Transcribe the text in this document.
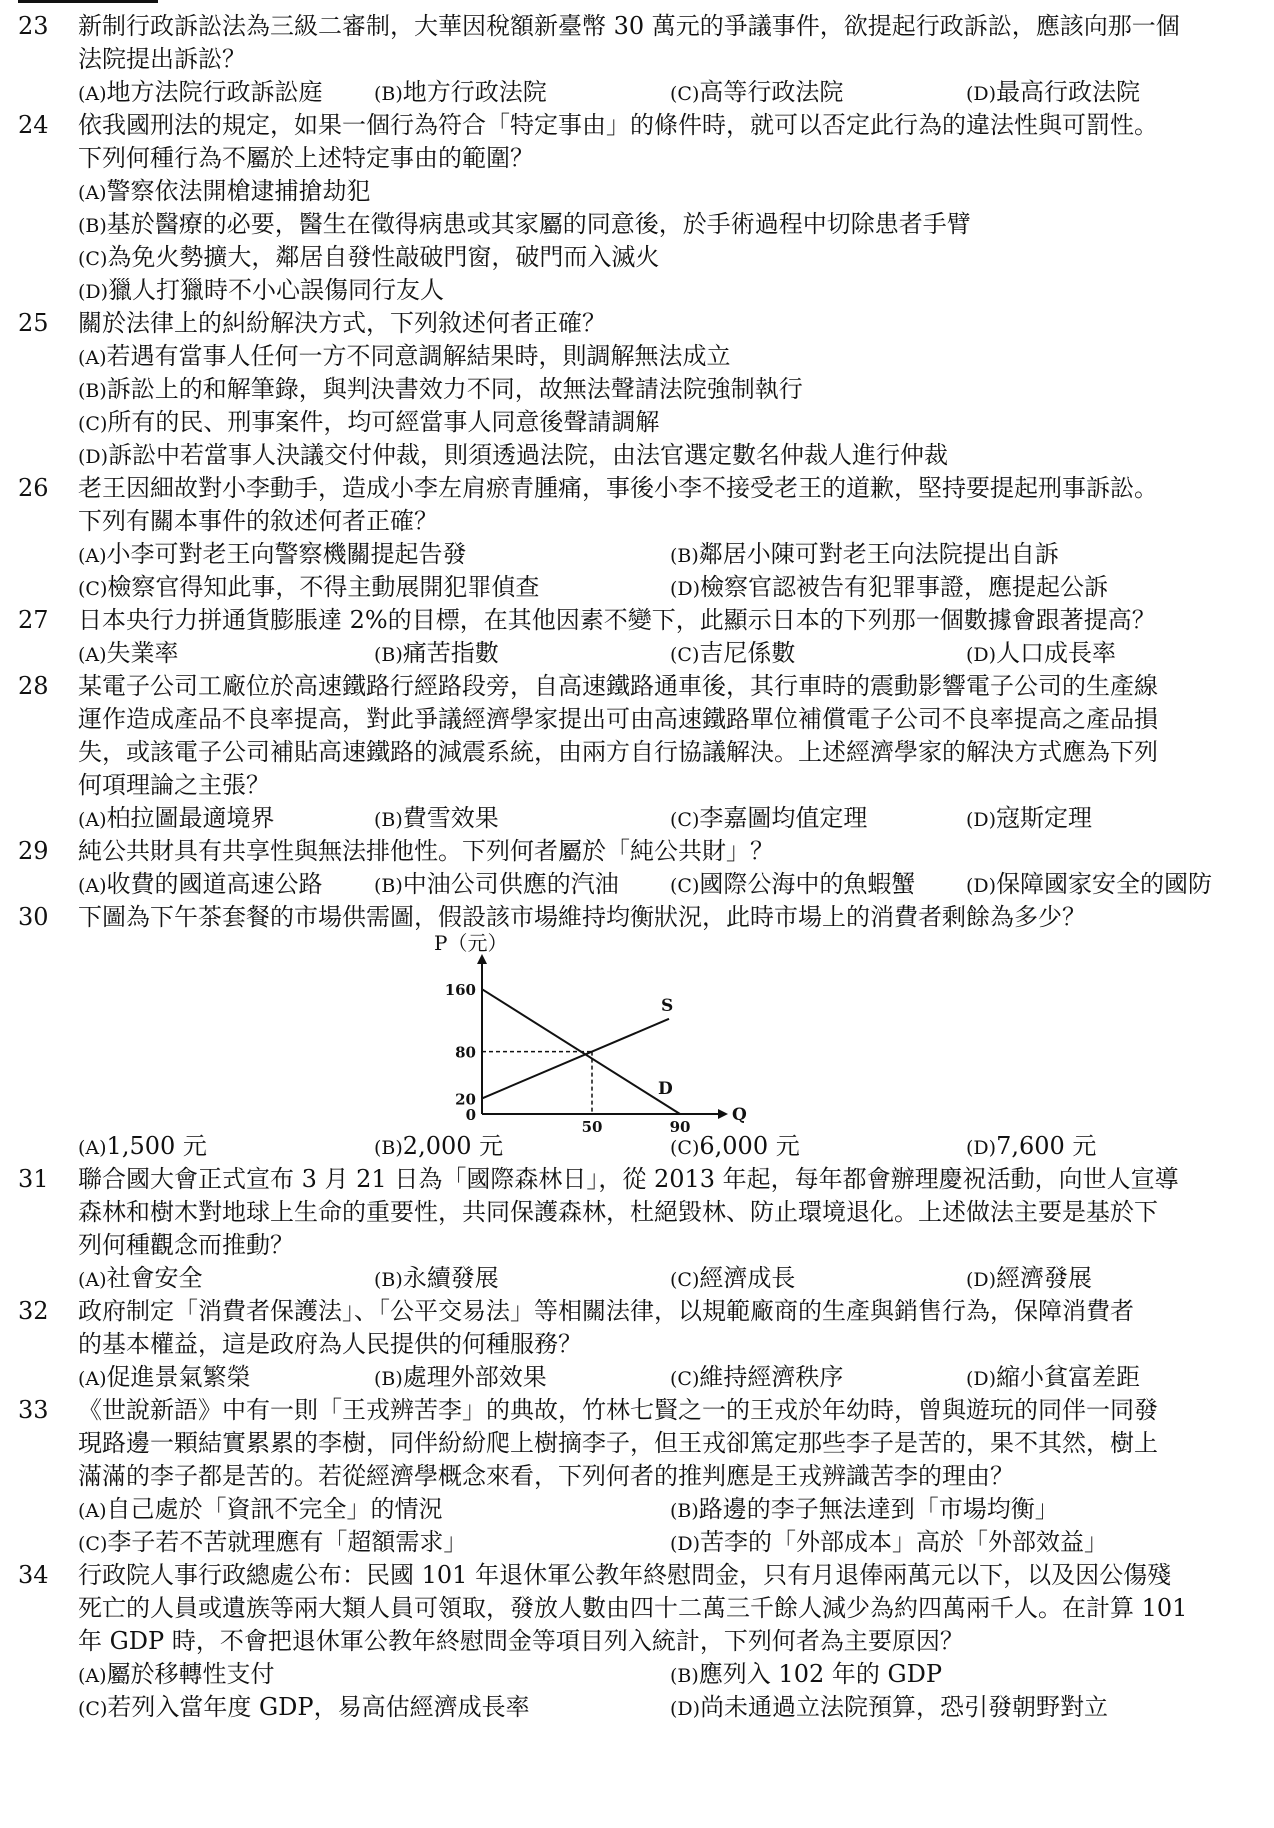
23	新制行政訴訟法為三級二審制，大華因稅額新臺幣 30 萬元的爭議事件，欲提起行政訴訟，應該向那一個
法院提出訴訟？
(A)地方法院行政訴訟庭	(B)地方行政法院	(C)高等行政法院	(D)最高行政法院
24	依我國刑法的規定，如果一個行為符合「特定事由」的條件時，就可以否定此行為的違法性與可罰性。
下列何種行為不屬於上述特定事由的範圍？
(A)警察依法開槍逮捕搶劫犯
(B)基於醫療的必要，醫生在徵得病患或其家屬的同意後，於手術過程中切除患者手臂
(C)為免火勢擴大，鄰居自發性敲破門窗，破門而入滅火
(D)獵人打獵時不小心誤傷同行友人
25	關於法律上的糾紛解決方式，下列敘述何者正確？
(A)若遇有當事人任何一方不同意調解結果時，則調解無法成立
(B)訴訟上的和解筆錄，與判決書效力不同，故無法聲請法院強制執行
(C)所有的民、刑事案件，均可經當事人同意後聲請調解
(D)訴訟中若當事人決議交付仲裁，則須透過法院，由法官選定數名仲裁人進行仲裁
26	老王因細故對小李動手，造成小李左肩瘀青腫痛，事後小李不接受老王的道歉，堅持要提起刑事訴訟。
下列有關本事件的敘述何者正確？
(A)小李可對老王向警察機關提起告發	(B)鄰居小陳可對老王向法院提出自訴
(C)檢察官得知此事，不得主動展開犯罪偵查	(D)檢察官認被告有犯罪事證，應提起公訴
27	日本央行力拼通貨膨脹達 2%的目標，在其他因素不變下，此顯示日本的下列那一個數據會跟著提高？
(A)失業率	(B)痛苦指數	(C)吉尼係數	(D)人口成長率
28	某電子公司工廠位於高速鐵路行經路段旁，自高速鐵路通車後，其行車時的震動影響電子公司的生產線
運作造成產品不良率提高，對此爭議經濟學家提出可由高速鐵路單位補償電子公司不良率提高之產品損
失，或該電子公司補貼高速鐵路的減震系統，由兩方自行協議解決。上述經濟學家的解決方式應為下列
何項理論之主張？
(A)柏拉圖最適境界	(B)費雪效果	(C)李嘉圖均值定理	(D)寇斯定理
29	純公共財具有共享性與無法排他性。下列何者屬於「純公共財」？
(A)收費的國道高速公路	(B)中油公司供應的汽油	(C)國際公海中的魚蝦蟹	(D)保障國家安全的國防
30	下圖為下午茶套餐的市場供需圖，假設該市場維持均衡狀況，此時市場上的消費者剩餘為多少？
P（元）
160
80
20
0
50	90
Q
S
D
(A)1,500 元	(B)2,000 元	(C)6,000 元	(D)7,600 元
31	聯合國大會正式宣布 3 月 21 日為「國際森林日」，從 2013 年起，每年都會辦理慶祝活動，向世人宣導
森林和樹木對地球上生命的重要性，共同保護森林，杜絕毀林、防止環境退化。上述做法主要是基於下
列何種觀念而推動？
(A)社會安全	(B)永續發展	(C)經濟成長	(D)經濟發展
32	政府制定「消費者保護法」、「公平交易法」等相關法律，以規範廠商的生產與銷售行為，保障消費者
的基本權益，這是政府為人民提供的何種服務？
(A)促進景氣繁榮	(B)處理外部效果	(C)維持經濟秩序	(D)縮小貧富差距
33	《世說新語》中有一則「王戎辨苦李」的典故，竹林七賢之一的王戎於年幼時，曾與遊玩的同伴一同發
現路邊一顆結實累累的李樹，同伴紛紛爬上樹摘李子，但王戎卻篤定那些李子是苦的，果不其然，樹上
滿滿的李子都是苦的。若從經濟學概念來看，下列何者的推判應是王戎辨識苦李的理由？
(A)自己處於「資訊不完全」的情況	(B)路邊的李子無法達到「市場均衡」
(C)李子若不苦就理應有「超額需求」	(D)苦李的「外部成本」高於「外部效益」
34	行政院人事行政總處公布：民國 101 年退休軍公教年終慰問金，只有月退俸兩萬元以下，以及因公傷殘
死亡的人員或遺族等兩大類人員可領取，發放人數由四十二萬三千餘人減少為約四萬兩千人。在計算 101
年 GDP 時，不會把退休軍公教年終慰問金等項目列入統計，下列何者為主要原因？
(A)屬於移轉性支付	(B)應列入 102 年的 GDP
(C)若列入當年度 GDP，易高估經濟成長率	(D)尚未通過立法院預算，恐引發朝野對立
